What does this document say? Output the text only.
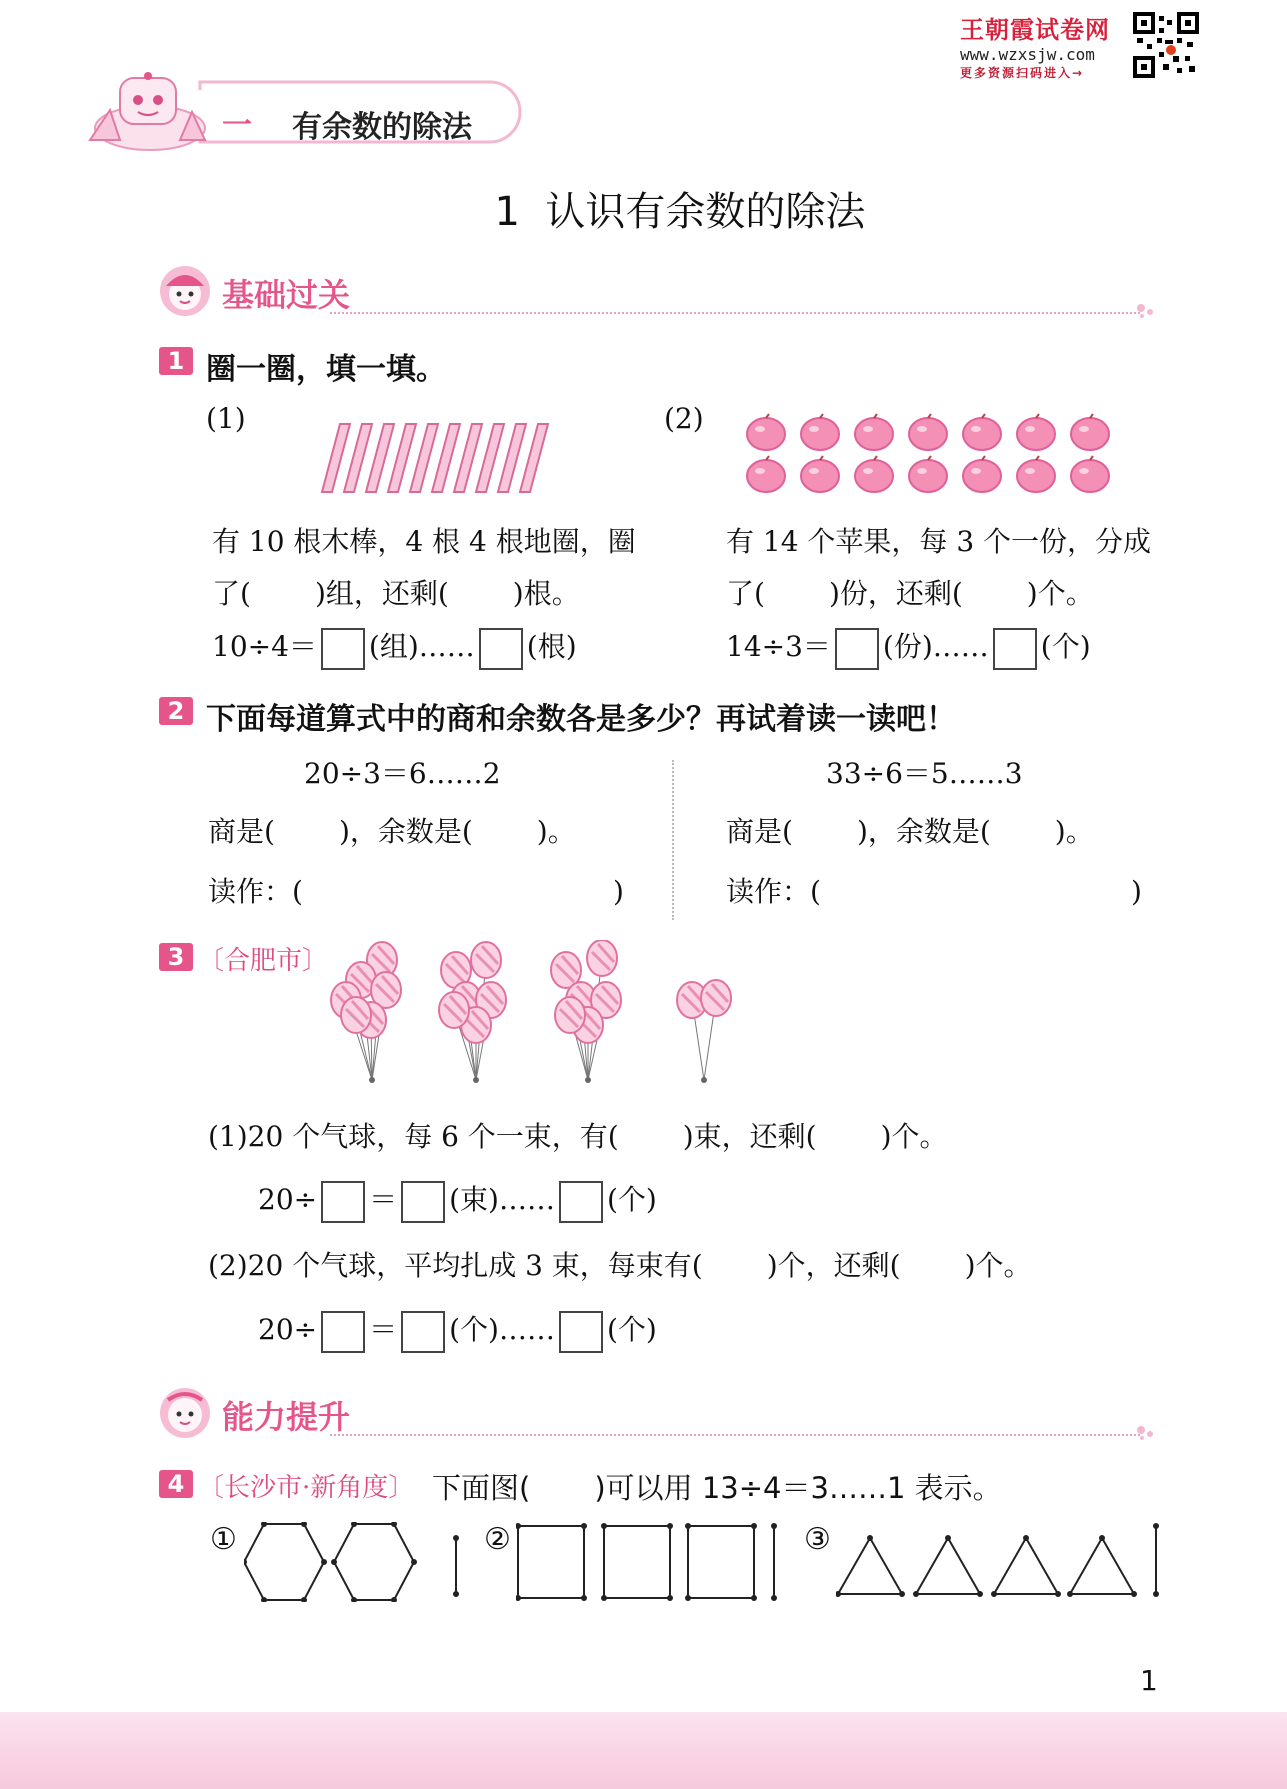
王朝霞试卷网
www.wzxsjw.com
更多资源扫码进入→
一 有余数的除法
1  认识有余数的除法
基础过关
1 圈一圈，填一填。
(1)	(2)
有 10 根木棒，4 根 4 根地圈，圈
了( )组，还剩( )根。
10÷4＝ (组)…… (根)
有 14 个苹果，每 3 个一份，分成
了( )份，还剩( )个。
14÷3＝ (份)…… (个)
2 下面每道算式中的商和余数各是多少？再试着读一读吧！
20÷3＝6……2
商是( )，余数是( )。
读作：(	)
33÷6＝5……3
商是( )，余数是( )。
读作：(	)
3 〔合肥市〕
(1)20 个气球，每 6 个一束，有( )束，还剩( )个。
20÷ ＝ (束)…… (个)
(2)20 个气球，平均扎成 3 束，每束有( )个，还剩( )个。
20÷ ＝ (个)…… (个)
能力提升
4 〔长沙市·新角度〕 下面图( )可以用 13÷4＝3……1 表示。
①	②	③
1
